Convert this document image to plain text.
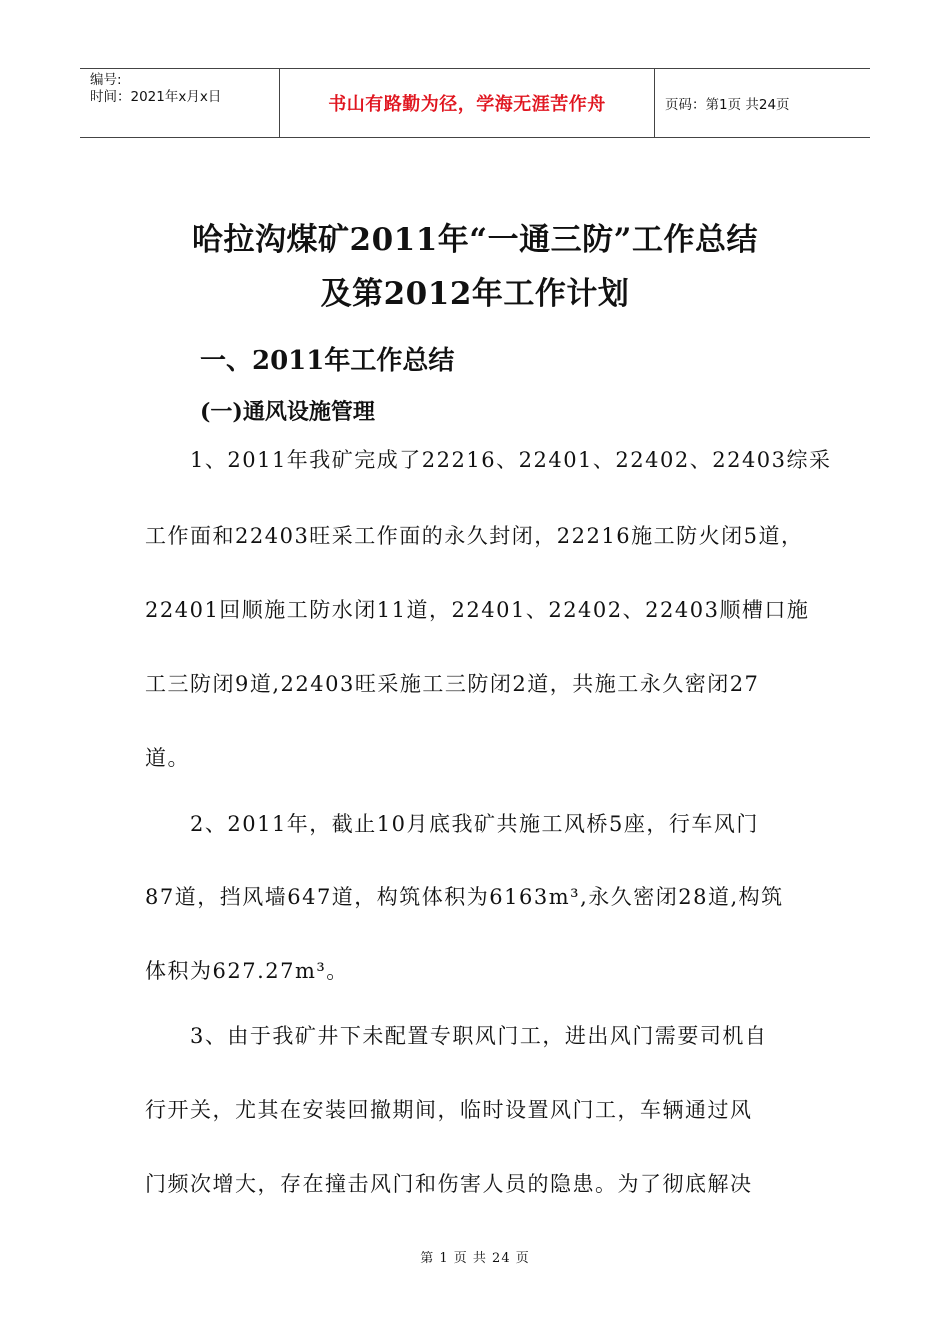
编号:
时间：2021年x月x日	书山有路勤为径，学海无涯苦作舟	页码：第1页 共24页
哈拉沟煤矿2011年“一通三防”工作总结
及第2012年工作计划
一、2011年工作总结
(一)通风设施管理

1、2011年我矿完成了22216、22401、22402、22403综采

工作面和22403旺采工作面的永久封闭，22216施工防火闭5道，

22401回顺施工防水闭11道，22401、22402、22403顺槽口施

工三防闭9道,22403旺采施工三防闭2道，共施工永久密闭27

道。

2、2011年，截止10月底我矿共施工风桥5座，行车风门

87道，挡风墙647道，构筑体积为6163m³,永久密闭28道,构筑

体积为627.27m³。

3、由于我矿井下未配置专职风门工，进出风门需要司机自

行开关，尤其在安装回撤期间，临时设置风门工，车辆通过风

门频次增大，存在撞击风门和伤害人员的隐患。为了彻底解决

第 1 页 共 24 页
